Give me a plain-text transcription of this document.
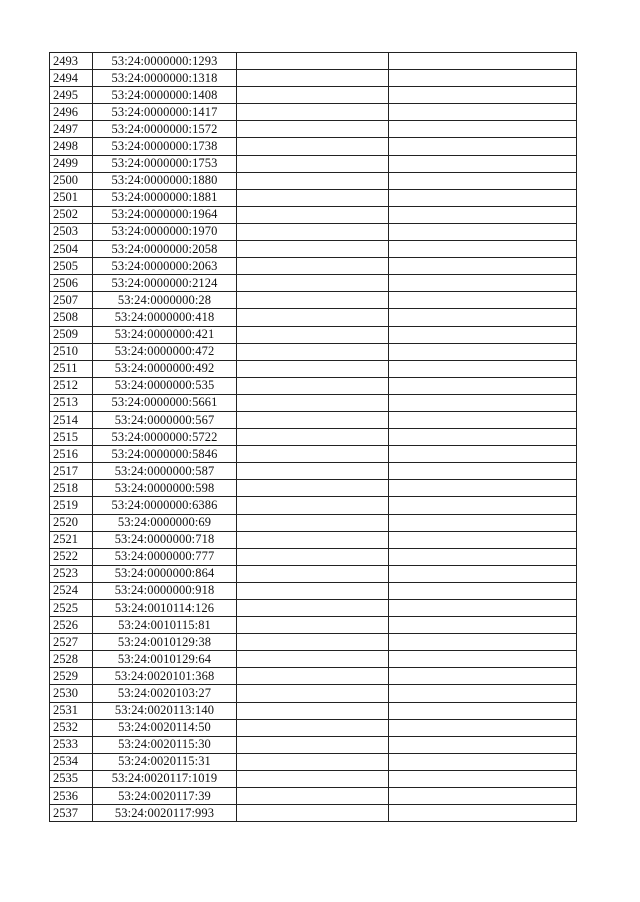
2493	53:24:0000000:1293		
2494	53:24:0000000:1318		
2495	53:24:0000000:1408		
2496	53:24:0000000:1417		
2497	53:24:0000000:1572		
2498	53:24:0000000:1738		
2499	53:24:0000000:1753		
2500	53:24:0000000:1880		
2501	53:24:0000000:1881		
2502	53:24:0000000:1964		
2503	53:24:0000000:1970		
2504	53:24:0000000:2058		
2505	53:24:0000000:2063		
2506	53:24:0000000:2124		
2507	53:24:0000000:28		
2508	53:24:0000000:418		
2509	53:24:0000000:421		
2510	53:24:0000000:472		
2511	53:24:0000000:492		
2512	53:24:0000000:535		
2513	53:24:0000000:5661		
2514	53:24:0000000:567		
2515	53:24:0000000:5722		
2516	53:24:0000000:5846		
2517	53:24:0000000:587		
2518	53:24:0000000:598		
2519	53:24:0000000:6386		
2520	53:24:0000000:69		
2521	53:24:0000000:718		
2522	53:24:0000000:777		
2523	53:24:0000000:864		
2524	53:24:0000000:918		
2525	53:24:0010114:126		
2526	53:24:0010115:81		
2527	53:24:0010129:38		
2528	53:24:0010129:64		
2529	53:24:0020101:368		
2530	53:24:0020103:27		
2531	53:24:0020113:140		
2532	53:24:0020114:50		
2533	53:24:0020115:30		
2534	53:24:0020115:31		
2535	53:24:0020117:1019		
2536	53:24:0020117:39		
2537	53:24:0020117:993		
